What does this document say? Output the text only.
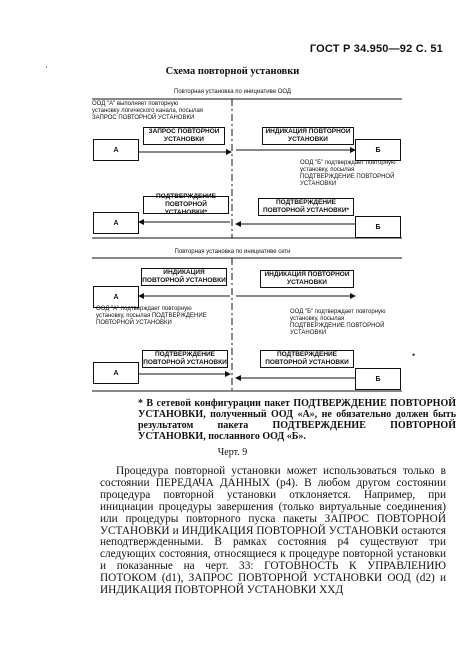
ГОСТ Р 34.950—92 С. 51
Схема повторной установки
Повторная установка по инициативе ООД
ООД "А" выполняет повторную установку логического канала, посылая ЗАПРОС ПОВТОРНОЙ УСТАНОВКИ
ЗАПРОС ПОВТОРНОЙ УСТАНОВКИ
ИНДИКАЦИЯ ПОВТОРНОЙ УСТАНОВКИ
А	Б
ООД "Б" подтверждает повторную установку, посылая ПОДТВЕРЖДЕНИЕ ПОВТОРНОЙ УСТАНОВКИ
ПОДТВЕРЖДЕНИЕ ПОВТОРНОЙ УСТАНОВКИ*
ПОДТВЕРЖДЕНИЕ ПОВТОРНОЙ УСТАНОВКИ*
А
Б
Повторная установка по инициативе сети
ИНДИКАЦИЯ ПОВТОРНОЙ УСТАНОВКИ
ИНДИКАЦИЯ ПОВТОРНОЙ УСТАНОВКИ
А
ООД "А" подтверждает повторную установку, посылая ПОДТВЕРЖДЕНИЕ ПОВТОРНОЙ УСТАНОВКИ
ООД "Б" подтверждает повторную установку, посылая ПОДТВЕРЖДЕНИЕ ПОВТОРНОЙ УСТАНОВКИ
ПОДТВЕРЖДЕНИЕ ПОВТОРНОЙ УСТАНОВКИ
ПОДТВЕРЖДЕНИЕ ПОВТОРНОЙ УСТАНОВКИ
А
Б
·
•
* В сетевой конфигурации пакет ПОДТВЕРЖДЕНИЕ ПОВТОРНОЙ УСТАНОВКИ, полученный ООД «А», не обязательно должен быть результатом пакета ПОДТВЕРЖДЕНИЕ ПОВТОРНОЙ УСТАНОВКИ, посланного ООД «Б».
Черт. 9

Процедура повторной установки может использоваться только в состоянии ПЕРЕДАЧА ДАННЫХ (р4). В любом другом состоянии процедура повторной установки отклоняется. Например, при инициации процедуры завершения (только виртуальные соединения) или процедуры повторного пуска пакеты ЗАПРОС ПОВТОРНОЙ УСТАНОВКИ и ИНДИКАЦИЯ ПОВТОРНОЙ УСТАНОВКИ остаются неподтвержденными. В рамках состояния р4 существуют три следующих состояния, относящиеся к процедуре повторной установки и показанные на черт. 33: ГОТОВНОСТЬ К УПРАВЛЕНИЮ ПОТОКОМ (d1), ЗАПРОС ПОВТОРНОЙ УСТАНОВКИ ООД (d2) и ИНДИКАЦИЯ ПОВТОРНОЙ УСТАНОВКИ ХХД
